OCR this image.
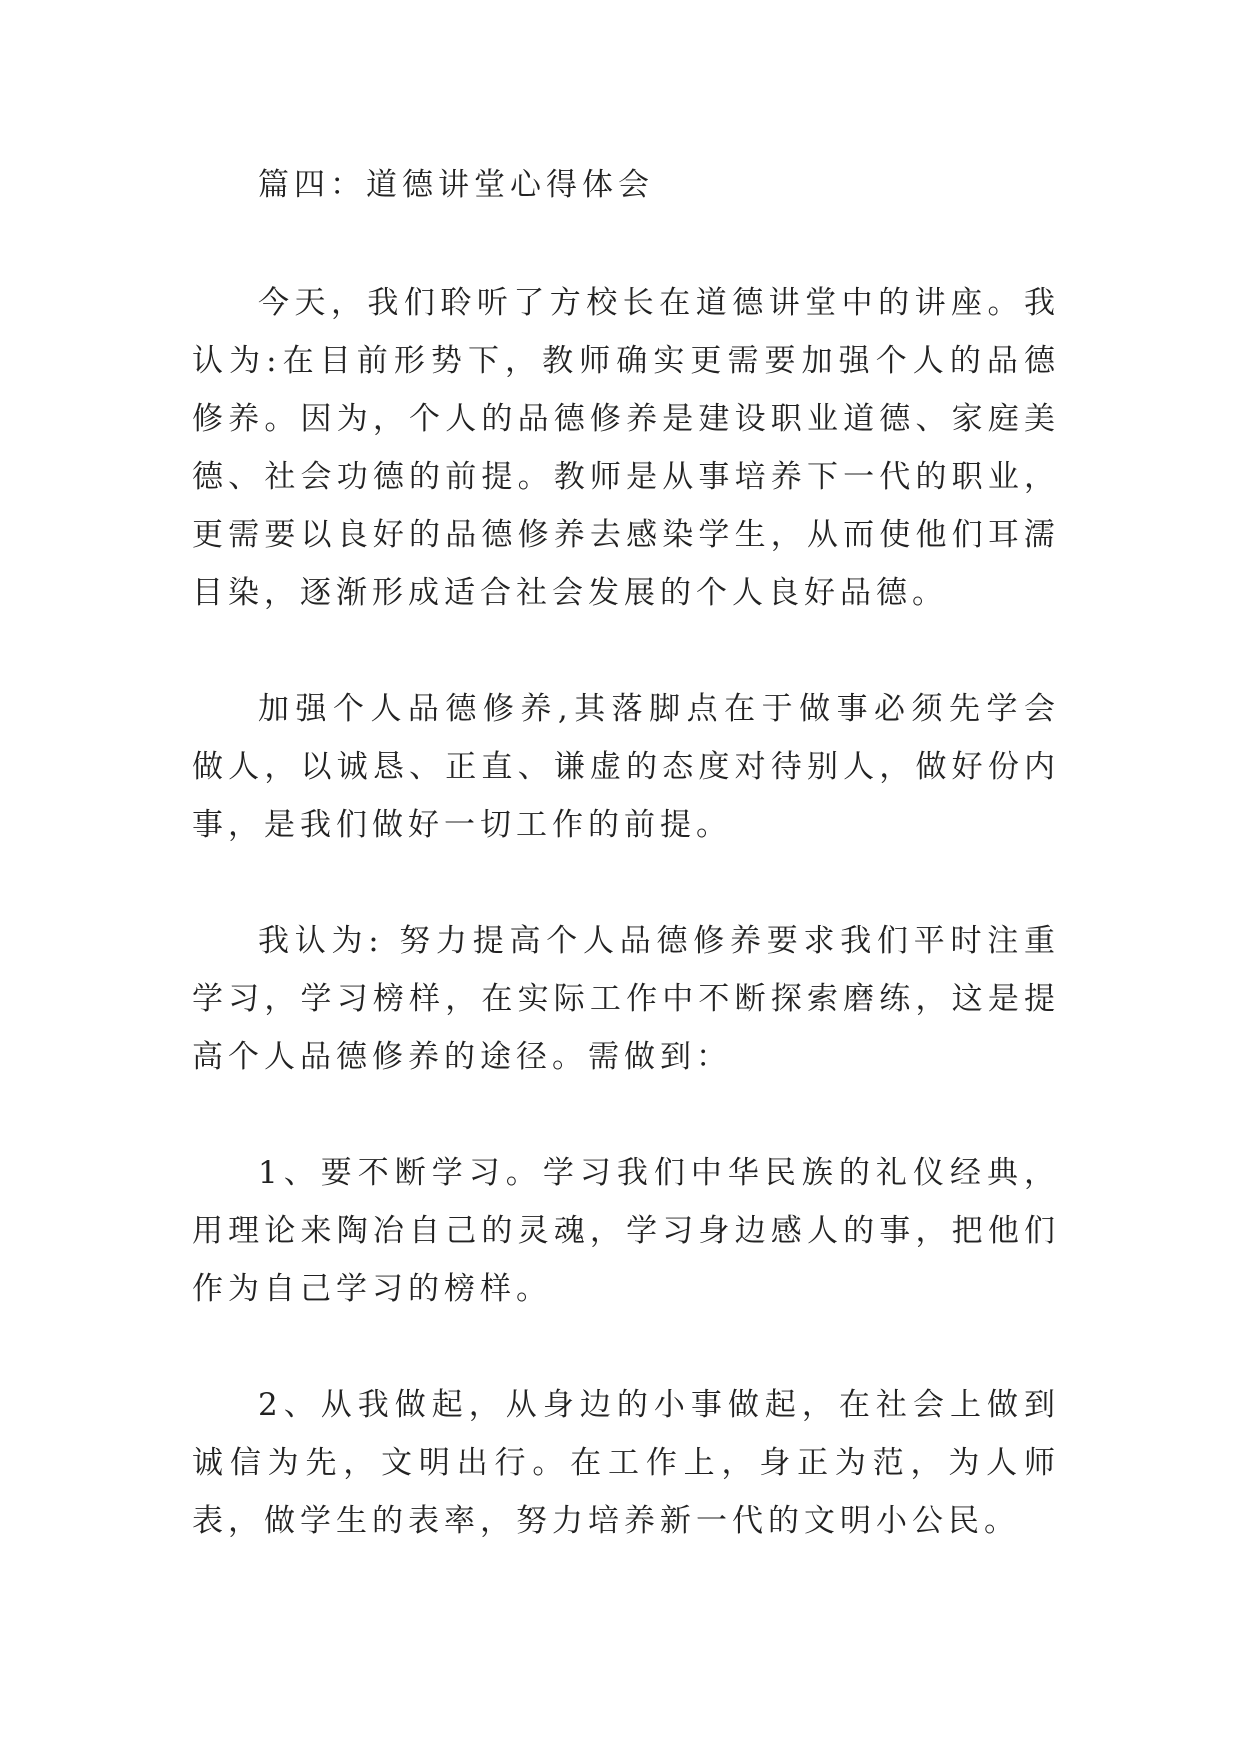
篇四：道德讲堂心得体会

今天，我们聆听了方校长在道德讲堂中的讲座。我认为:在目前形势下，教师确实更需要加强个人的品德修养。因为，个人的品德修养是建设职业道德、家庭美德、社会功德的前提。教师是从事培养下一代的职业，更需要以良好的品德修养去感染学生，从而使他们耳濡目染，逐渐形成适合社会发展的个人良好品德。

加强个人品德修养,其落脚点在于做事必须先学会做人，以诚恳、正直、谦虚的态度对待别人，做好份内事，是我们做好一切工作的前提。

我认为: 努力提高个人品德修养要求我们平时注重学习，学习榜样，在实际工作中不断探索磨练，这是提高个人品德修养的途径。需做到：

1、要不断学习。学习我们中华民族的礼仪经典，用理论来陶冶自己的灵魂，学习身边感人的事，把他们作为自己学习的榜样。

2、从我做起，从身边的小事做起，在社会上做到诚信为先，文明出行。在工作上，身正为范，为人师表，做学生的表率，努力培养新一代的文明小公民。
